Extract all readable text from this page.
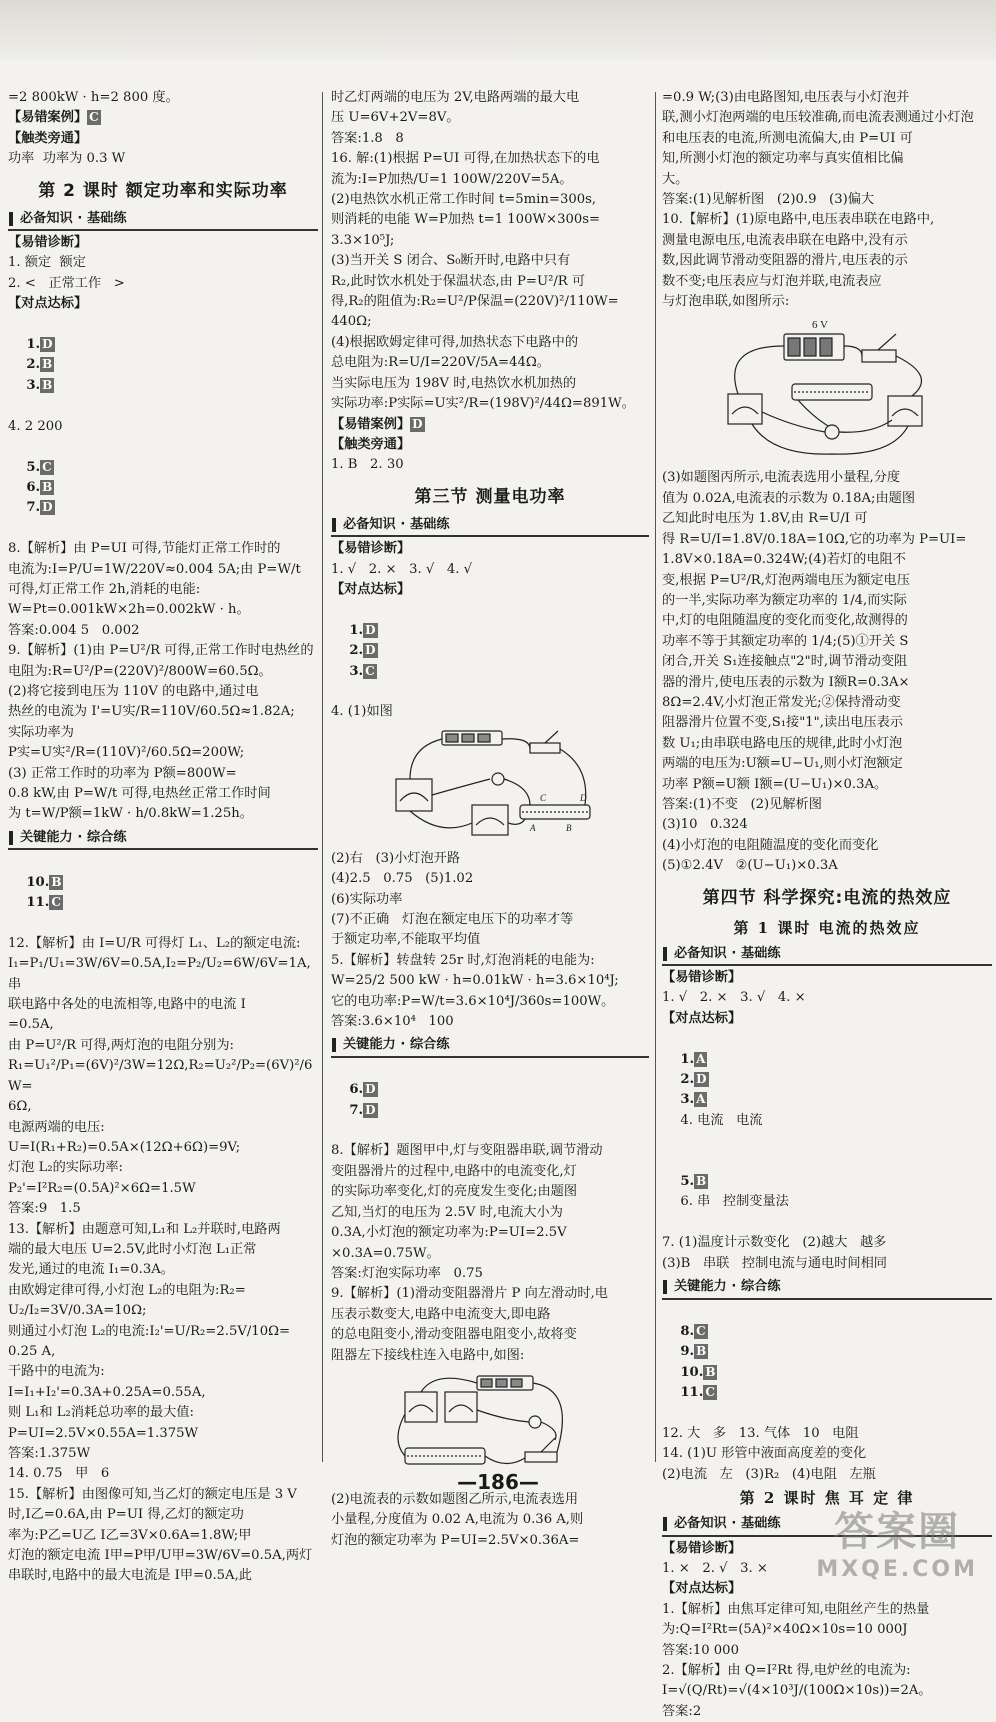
=2 800kW · h=2 800 度。
【易错案例】 C
【触类旁通】
功率  功率为 0.3 W
第 2 课时 额定功率和实际功率
必备知识 · 基础练
【易错诊断】
1. 额定  额定
2. <   正常工作   >
【对点达标】

1. D
2. B
3. B

4. 2 200

5. C
6. B
7. D

8.【解析】由 P=UI 可得,节能灯正常工作时的
电流为:I=P/U=1W/220V≈0.004 5A;由 P=W/t
可得,灯正常工作 2h,消耗的电能:
W=Pt=0.001kW×2h=0.002kW · h。
答案:0.004 5   0.002
9.【解析】(1)由 P=U²/R 可得,正常工作时电热丝的
电阻为:R=U²/P=(220V)²/800W=60.5Ω。
(2)将它接到电压为 110V 的电路中,通过电
热丝的电流为 I'=U实/R=110V/60.5Ω≈1.82A;
实际功率为
P实=U实²/R=(110V)²/60.5Ω=200W;
(3) 正常工作时的功率为 P额=800W=
0.8 kW,由 P=W/t 可得,电热丝正常工作时间
为 t=W/P额=1kW · h/0.8kW=1.25h。
关键能力 · 综合练

10. B
11. C

12.【解析】由 I=U/R 可得灯 L₁、L₂的额定电流:
I₁=P₁/U₁=3W/6V=0.5A,I₂=P₂/U₂=6W/6V=1A,串
联电路中各处的电流相等,电路中的电流 I
=0.5A,
由 P=U²/R 可得,两灯泡的电阻分别为:
R₁=U₁²/P₁=(6V)²/3W=12Ω,R₂=U₂²/P₂=(6V)²/6W=
6Ω,
电源两端的电压:
U=I(R₁+R₂)=0.5A×(12Ω+6Ω)=9V;
灯泡 L₂的实际功率:
P₂'=I²R₂=(0.5A)²×6Ω=1.5W
答案:9   1.5
13.【解析】由题意可知,L₁和 L₂并联时,电路两
端的最大电压 U=2.5V,此时小灯泡 L₁正常
发光,通过的电流 I₁=0.3A。
由欧姆定律可得,小灯泡 L₂的电阻为:R₂=
U₂/I₂=3V/0.3A=10Ω;
则通过小灯泡 L₂的电流:I₂'=U/R₂=2.5V/10Ω=
0.25 A,
干路中的电流为:
I=I₁+I₂'=0.3A+0.25A=0.55A,
则 L₁和 L₂消耗总功率的最大值:
P=UI=2.5V×0.55A=1.375W
答案:1.375W
14. 0.75   甲   6
15.【解析】由图像可知,当乙灯的额定电压是 3 V
时,I乙=0.6A,由 P=UI 得,乙灯的额定功
率为:P乙=U乙 I乙=3V×0.6A=1.8W;甲
灯泡的额定电流 I甲=P甲/U甲=3W/6V=0.5A,两灯
串联时,电路中的最大电流是 I甲=0.5A,此
时乙灯两端的电压为 2V,电路两端的最大电
压 U=6V+2V=8V。
答案:1.8   8
16. 解:(1)根据 P=UI 可得,在加热状态下的电
流为:I=P加热/U=1 100W/220V=5A。
(2)电热饮水机正常工作时间 t=5min=300s,
则消耗的电能 W=P加热 t=1 100W×300s=
3.3×10⁵J;
(3)当开关 S 闭合、S₀断开时,电路中只有
R₂,此时饮水机处于保温状态,由 P=U²/R 可
得,R₂的阻值为:R₂=U²/P保温=(220V)²/110W=
440Ω;
(4)根据欧姆定律可得,加热状态下电路中的
总电阻为:R=U/I=220V/5A=44Ω。
当实际电压为 198V 时,电热饮水机加热的
实际功率:P实际=U实²/R=(198V)²/44Ω=891W。
【易错案例】 D
【触类旁通】
1. B   2. 30
第三节 测量电功率
必备知识 · 基础练
【易错诊断】
1. √   2. ×   3. √   4. √
【对点达标】

1. D
2. D
3. C

4. (1)如图
C	D
A	B
(2)右   (3)小灯泡开路
(4)2.5   0.75   (5)1.02
(6)实际功率
(7)不正确   灯泡在额定电压下的功率才等
于额定功率,不能取平均值
5.【解析】转盘转 25r 时,灯泡消耗的电能为:
W=25/2 500 kW · h=0.01kW · h=3.6×10⁴J;
它的电功率:P=W/t=3.6×10⁴J/360s=100W。
答案:3.6×10⁴   100
关键能力 · 综合练

6. D
7. D

8.【解析】题图甲中,灯与变阻器串联,调节滑动
变阻器滑片的过程中,电路中的电流变化,灯
的实际功率变化,灯的亮度发生变化;由题图
乙知,当灯的电压为 2.5V 时,电流大小为
0.3A,小灯泡的额定功率为:P=UI=2.5V
×0.3A=0.75W。
答案:灯泡实际功率   0.75
9.【解析】(1)滑动变阻器滑片 P 向左滑动时,电
压表示数变大,电路中电流变大,即电路
的总电阻变小,滑动变阻器电阻变小,故将变
阻器左下接线柱连入电路中,如图:
(2)电流表的示数如题图乙所示,电流表选用
小量程,分度值为 0.02 A,电流为 0.36 A,则
灯泡的额定功率为 P=UI=2.5V×0.36A=
=0.9 W;(3)由电路图知,电压表与小灯泡并
联,测小灯泡两端的电压较准确,而电流表测通过小灯泡
和电压表的电流,所测电流偏大,由 P=UI 可
知,所测小灯泡的额定功率与真实值相比偏
大。
答案:(1)见解析图   (2)0.9   (3)偏大
10.【解析】(1)原电路中,电压表串联在电路中,
测量电源电压,电流表串联在电路中,没有示
数,因此调节滑动变阻器的滑片,电压表的示
数不变;电压表应与灯泡并联,电流表应
与灯泡串联,如图所示:
6 V
(3)如题图丙所示,电流表选用小量程,分度
值为 0.02A,电流表的示数为 0.18A;由题图
乙知此时电压为 1.8V,由 R=U/I 可
得 R=U/I=1.8V/0.18A=10Ω,它的功率为 P=UI=
1.8V×0.18A=0.324W;(4)若灯的电阻不
变,根据 P=U²/R,灯泡两端电压为额定电压
的一半,实际功率为额定功率的 1/4,而实际
中,灯的电阻随温度的变化而变化,故测得的
功率不等于其额定功率的 1/4;(5)①开关 S
闭合,开关 S₁连接触点"2"时,调节滑动变阻
器的滑片,使电压表的示数为 I额R=0.3A×
8Ω=2.4V,小灯泡正常发光;②保持滑动变
阻器滑片位置不变,S₁接"1",读出电压表示
数 U₁;由串联电路电压的规律,此时小灯泡
两端的电压为:U额=U−U₁,则小灯泡额定
功率 P额=U额 I额=(U−U₁)×0.3A。
答案:(1)不变   (2)见解析图
(3)10   0.324
(4)小灯泡的电阻随温度的变化而变化
(5)①2.4V   ②(U−U₁)×0.3A
第四节 科学探究:电流的热效应
第 1 课时 电流的热效应
必备知识 · 基础练
【易错诊断】
1. √   2. ×   3. √   4. ×
【对点达标】

1. A
2. D
3. A
4. 电流   电流

5. B
6. 串   控制变量法

7. (1)温度计示数变化   (2)越大   越多
(3)B   串联   控制电流与通电时间相同
关键能力 · 综合练

8. C
9. B
10. B
11. C

12. 大   多   13. 气体   10   电阻
14. (1)U 形管中液面高度差的变化
(2)电流   左   (3)R₂   (4)电阻   左瓶
第 2 课时 焦 耳 定 律
必备知识 · 基础练
【易错诊断】
1. ×   2. √   3. ×
【对点达标】
1.【解析】由焦耳定律可知,电阻丝产生的热量
为:Q=I²Rt=(5A)²×40Ω×10s=10 000J
答案:10 000
2.【解析】由 Q=I²Rt 得,电炉丝的电流为:
I=√(Q/Rt)=√(4×10³J/(100Ω×10s))=2A。
答案:2
—186—
答案圈
MXQE.COM
